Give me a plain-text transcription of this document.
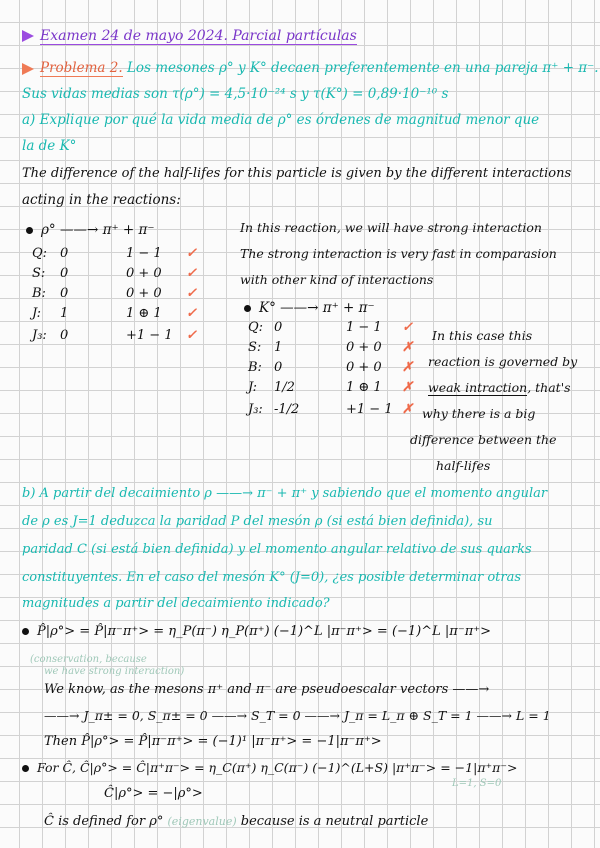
Examen 24 de mayo 2024. Parcial partículas
Problema 2. Los mesones ρ° y K° decaen preferentemente en una pareja π⁺ + π⁻.
Sus vidas medias son τ(ρ°) = 4,5·10⁻²⁴ s y τ(K°) = 0,89·10⁻¹⁰ s
a) Explique por qué la vida media de ρ° es órdenes de magnitud menor que
la de K°
The difference of the half-lifes for this particle is given by the different interactions
acting in the reactions:
ρ° ——→ π⁺ + π⁻
Q: 0	1 − 1 ✓
S: 0	0 + 0 ✓
B: 0	0 + 0 ✓
J: 1	1 ⊕ 1 ✓
J₃: 0	+1 − 1 ✓
In this reaction, we will have strong interaction
The strong interaction is very fast in comparasion
with other kind of interactions
K° ——→ π⁺ + π⁻
Q: 0	1 − 1 ✓
S: 1	0 + 0 ✗
B: 0	0 + 0 ✗
J: 1/2	1 ⊕ 1 ✗
J₃: -1/2	+1 − 1 ✗
In this case this
reaction is governed by
weak intraction, that's
why there is a big
difference between the
half-lifes
b) A partir del decaimiento ρ ——→ π⁻ + π⁺ y sabiendo que el momento angular
de ρ es J=1 deduzca la paridad P del mesón ρ (si está bien definida), su
paridad C (si está bien definida) y el momento angular relativo de sus quarks
constituyentes. En el caso del mesón K° (J=0), ¿es posible determinar otras
magnitudes a partir del decaimiento indicado?
P̂|ρ°> = P̂|π⁻π⁺> = η_P(π⁻) η_P(π⁺) (−1)^L |π⁻π⁺> = (−1)^L |π⁻π⁺>
(conservation, because
we have strong interaction)
We know, as the mesons π⁺ and π⁻ are pseudoescalar vectors ——→
——→ J_π± = 0, S_π± = 0 ——→ S_T = 0 ——→ J_π = L_π ⊕ S_T = 1 ——→ L = 1
Then P̂|ρ°> = P̂|π⁻π⁺> = (−1)¹ |π⁻π⁺> = −1|π⁻π⁺>
For Ĉ, Ĉ|ρ°> = Ĉ|π⁺π⁻> = η_C(π⁺) η_C(π⁻) (−1)^(L+S) |π⁺π⁻> = −1|π⁺π⁻>
L=1, S=0
Ĉ|ρ°> = −|ρ°>
Ĉ is defined for ρ° (eigenvalue) because is a neutral particle
